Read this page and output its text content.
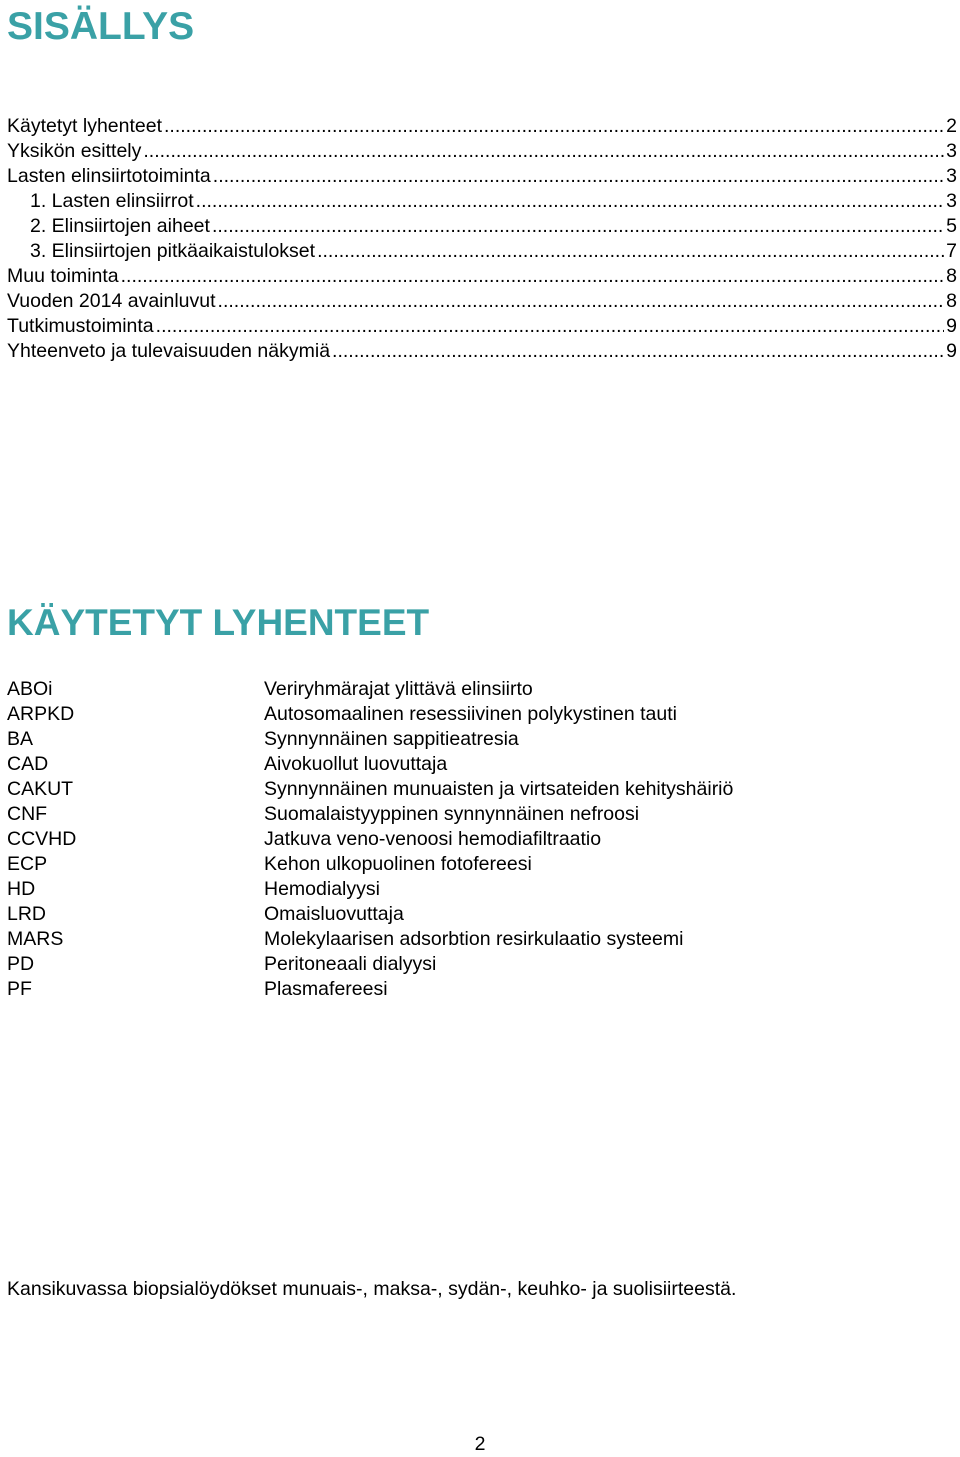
SISÄLLYS
Käytetyt lyhenteet .....	2
Yksikön esittely .....	3
Lasten elinsiirtotoiminta .....	3
1. Lasten elinsiirrot .....	3
2. Elinsiirtojen aiheet .....	5
3. Elinsiirtojen pitkäaikaistulokset .....	7
Muu toiminta .....	8
Vuoden 2014 avainluvut .....	8
Tutkimustoiminta .....	9
Yhteenveto ja tulevaisuuden näkymiä .....	9
KÄYTETYT LYHENTEET
ABOi	Veriryhmärajat ylittävä elinsiirto
ARPKD	Autosomaalinen resessiivinen polykystinen tauti
BA	Synnynnäinen sappitieatresia
CAD	Aivokuollut luovuttaja
CAKUT	Synnynnäinen munuaisten ja virtsateiden kehityshäiriö
CNF	Suomalaistyyppinen synnynnäinen nefroosi
CCVHD	Jatkuva veno-venoosi hemodiafiltraatio
ECP	Kehon ulkopuolinen fotofereesi
HD	Hemodialyysi
LRD	Omaisluovuttaja
MARS	Molekylaarisen adsorbtion resirkulaatio systeemi
PD	Peritoneaali dialyysi
PF	Plasmafereesi
Kansikuvassa biopsialöydökset munuais-, maksa-, sydän-, keuhko- ja suolisiirteestä.
2
